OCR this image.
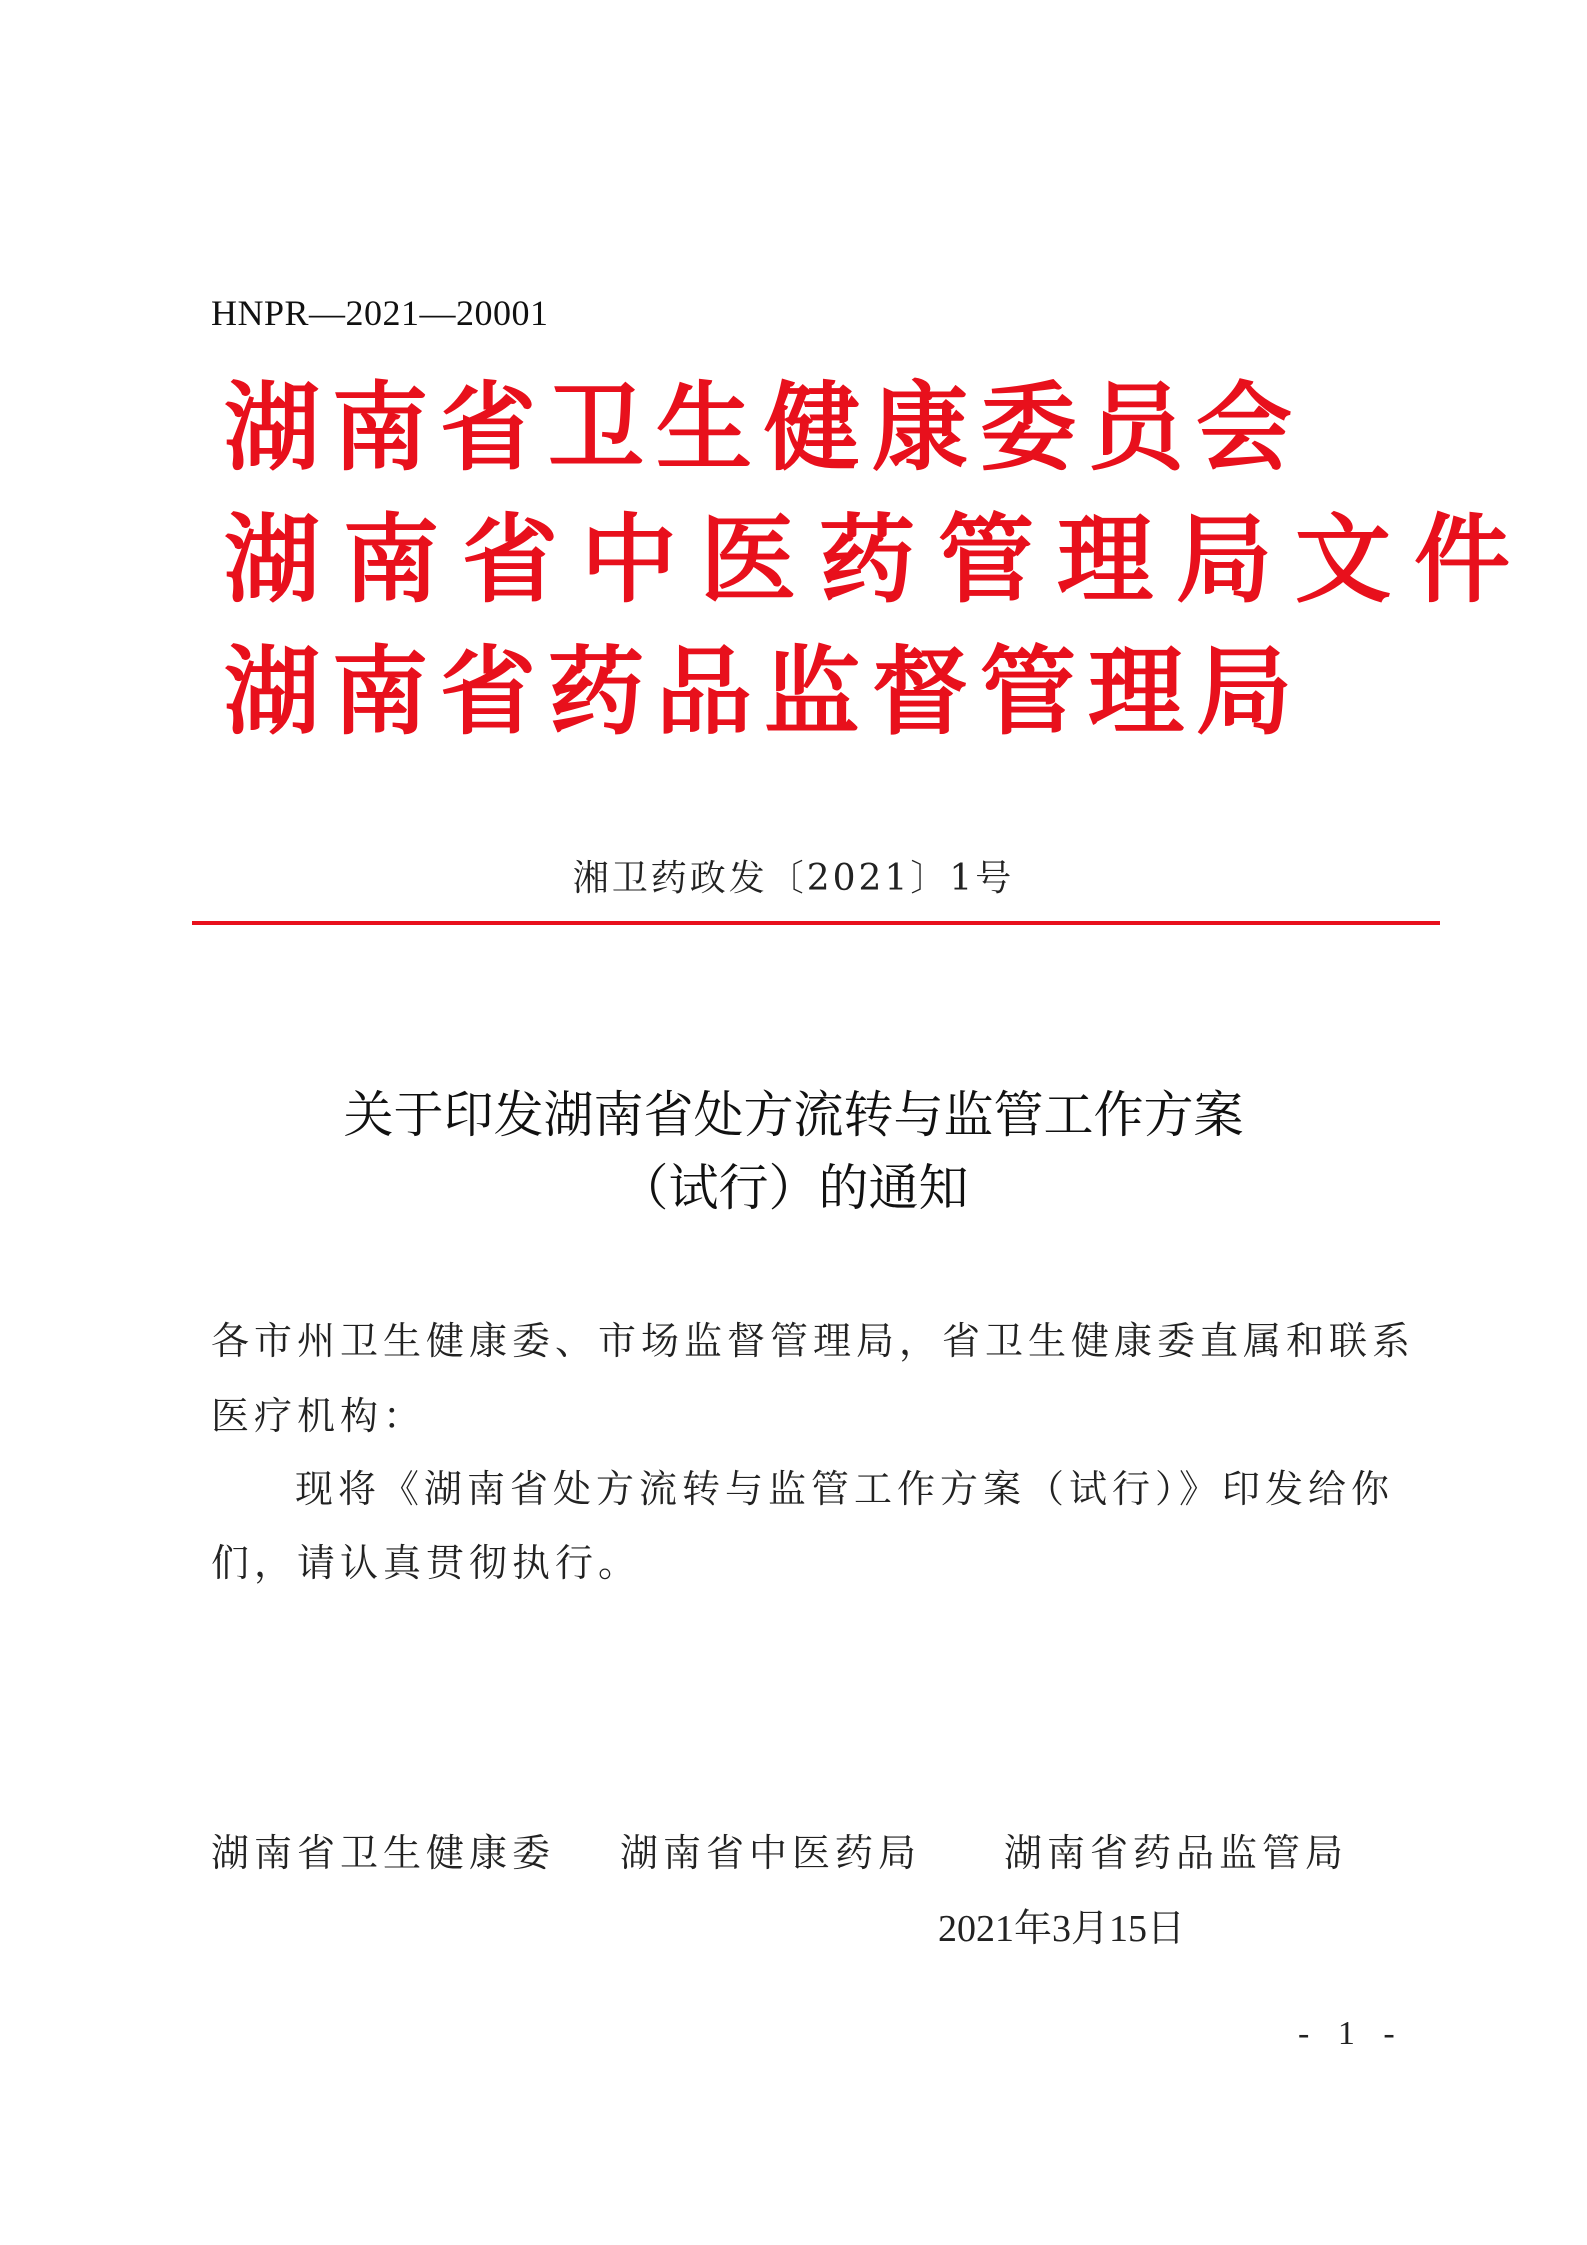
HNPR—2021—20001
湖南省卫生健康委员会
湖南省中医药管理局文件
湖南省药品监督管理局
湘卫药政发〔2021〕1号
关于印发湖南省处方流转与监管工作方案
（试行）的通知
各市州卫生健康委、市场监督管理局，省卫生健康委直属和联系
医疗机构：
现将《湖南省处方流转与监管工作方案（试行）》印发给你
们，请认真贯彻执行。
湖南省卫生健康委 湖南省中医药局 湖南省药品监管局
2021年3月15日
- 1 -
